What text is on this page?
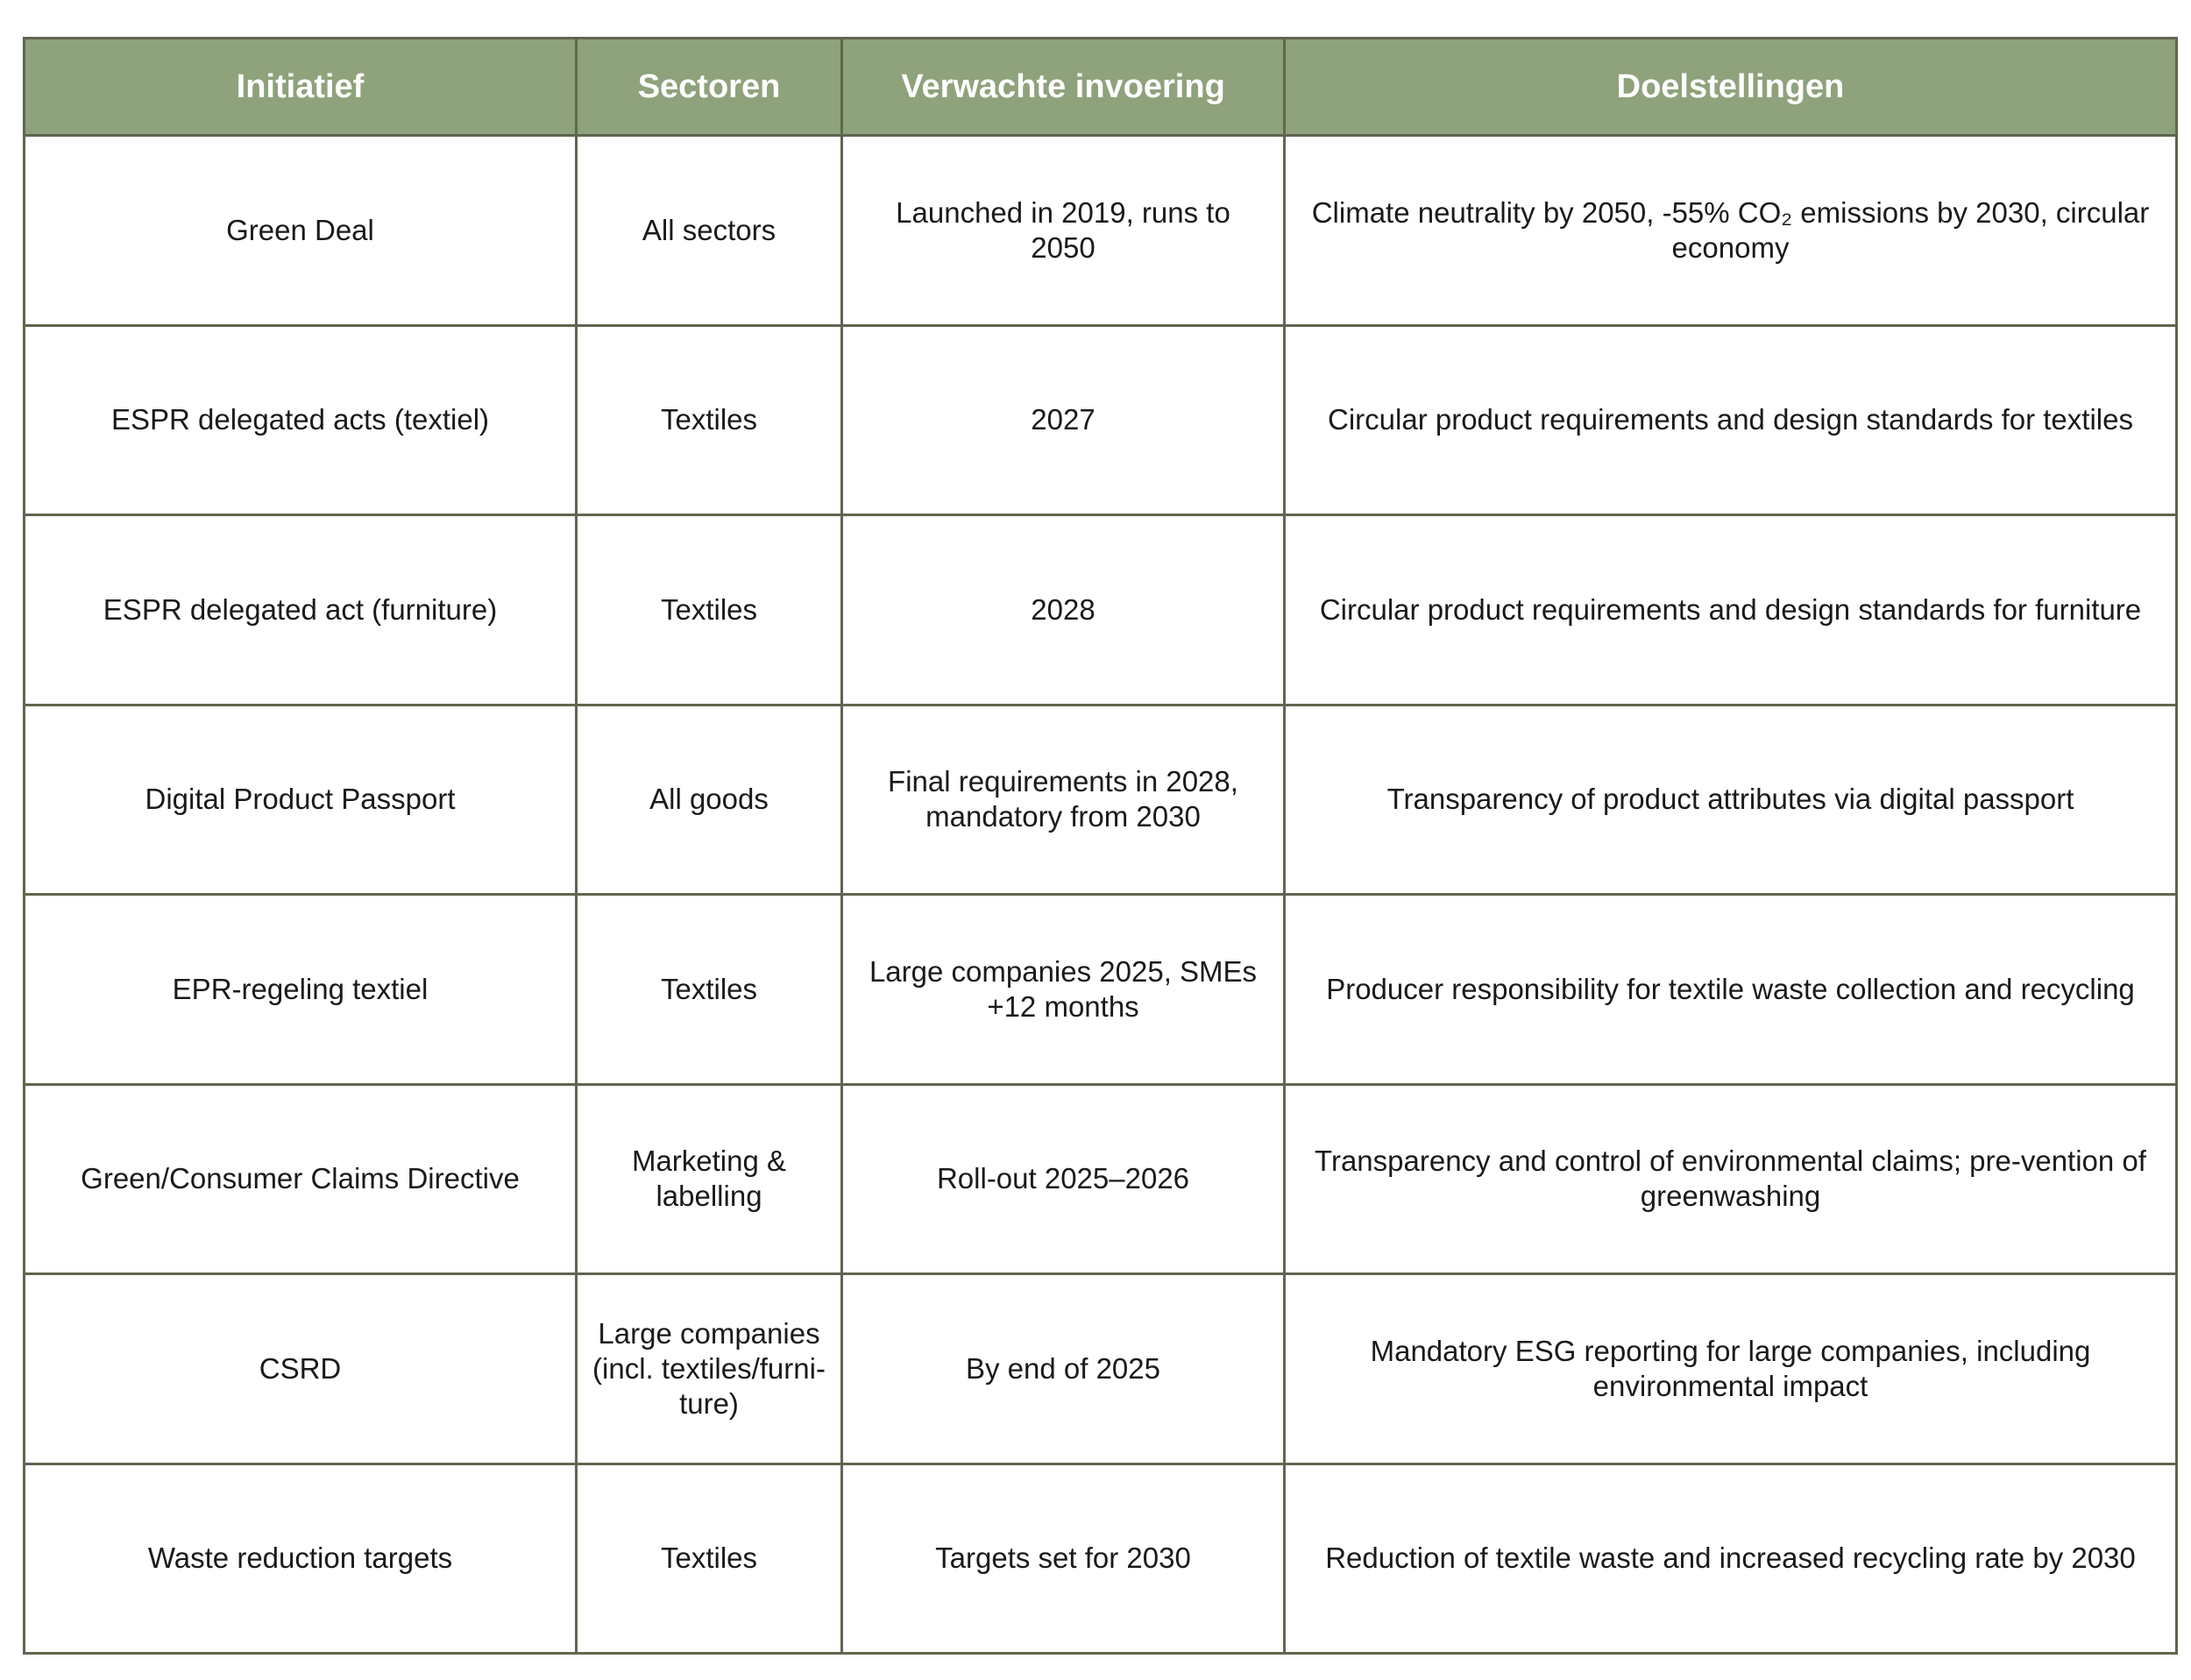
Initiatief	Sectoren	Verwachte invoering	Doelstellingen
Green Deal	All sectors	Launched in 2019, runs to 2050	Climate neutrality by 2050, -55% CO₂ emissions by 2030, circular economy
ESPR delegated acts (textiel)	Textiles	2027	Circular product requirements and design standards for textiles
ESPR delegated act (furniture)	Textiles	2028	Circular product requirements and design standards for furniture
Digital Product Passport	All goods	Final requirements in 2028, mandatory from 2030	Transparency of product attributes via digital passport
EPR-regeling textiel	Textiles	Large companies 2025, SMEs +12 months	Producer responsibility for textile waste collection and recycling
Green/Consumer Claims Directive	Marketing & labelling	Roll-out 2025–2026	Transparency and control of environmental claims; pre-vention of greenwashing
CSRD	Large companies (incl. textiles/furni-ture)	By end of 2025	Mandatory ESG reporting for large companies, including environmental impact
Waste reduction targets	Textiles	Targets set for 2030	Reduction of textile waste and increased recycling rate by 2030
